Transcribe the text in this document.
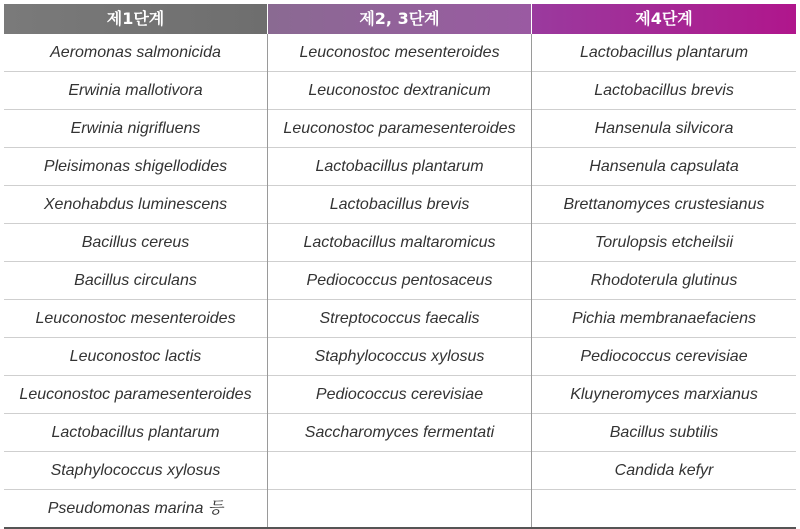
제1단계	제2, 3단계	제4단계
Aeromonas salmonicida
Erwinia mallotivora
Erwinia nigrifluens
Pleisimonas shigellodides
Xenohabdus luminescens
Bacillus cereus
Bacillus circulans
Leuconostoc mesenteroides
Leuconostoc lactis
Leuconostoc paramesenteroides
Lactobacillus plantarum
Staphylococcus xylosus
Pseudomonas marina 등
Leuconostoc mesenteroides
Leuconostoc dextranicum
Leuconostoc paramesenteroides
Lactobacillus plantarum
Lactobacillus brevis
Lactobacillus maltaromicus
Pediococcus pentosaceus
Streptococcus faecalis
Staphylococcus xylosus
Pediococcus cerevisiae
Saccharomyces fermentati
Lactobacillus plantarum
Lactobacillus brevis
Hansenula silvicora
Hansenula capsulata
Brettanomyces crustesianus
Torulopsis etcheilsii
Rhodoterula glutinus
Pichia membranaefaciens
Pediococcus cerevisiae
Kluyneromyces marxianus
Bacillus subtilis
Candida kefyr
